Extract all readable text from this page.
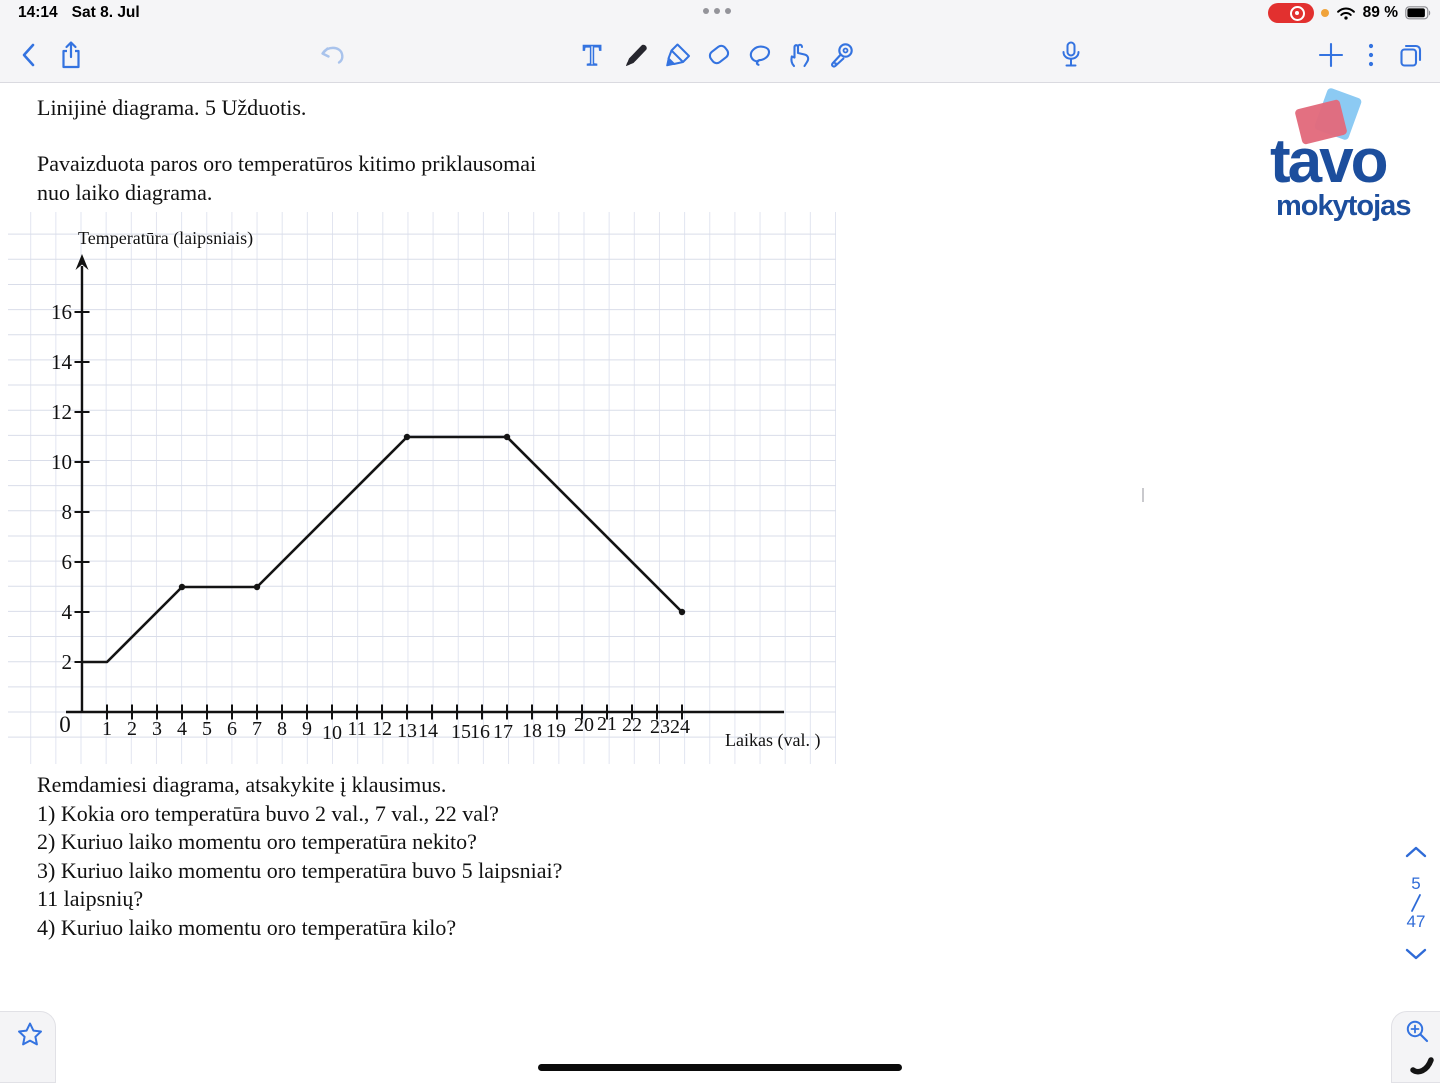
14:14 Sat 8. Jul	89 %
T
Linijinė diagrama. 5 Užduotis.
Pavaizduota paros oro temperatūros kitimo priklausomai
nuo laiko diagrama.	tavo
mokytojas
1 2 3 4 5 6 7 8 9 10 11 12 13 14 15 16 17 18 19 20 21 22 23 24
2
4
6
8
10
12
14
16
0
Temperatūra (laipsniais)
Laikas (val. )
Remdamiesi diagrama, atsakykite į klausimus.
1) Kokia oro temperatūra buvo 2 val., 7 val., 22 val?
2) Kuriuo laiko momentu oro temperatūra nekito?
3) Kuriuo laiko momentu oro temperatūra buvo 5 laipsniai?
11 laipsnių?
4) Kuriuo laiko momentu oro temperatūra kilo?
5
47
